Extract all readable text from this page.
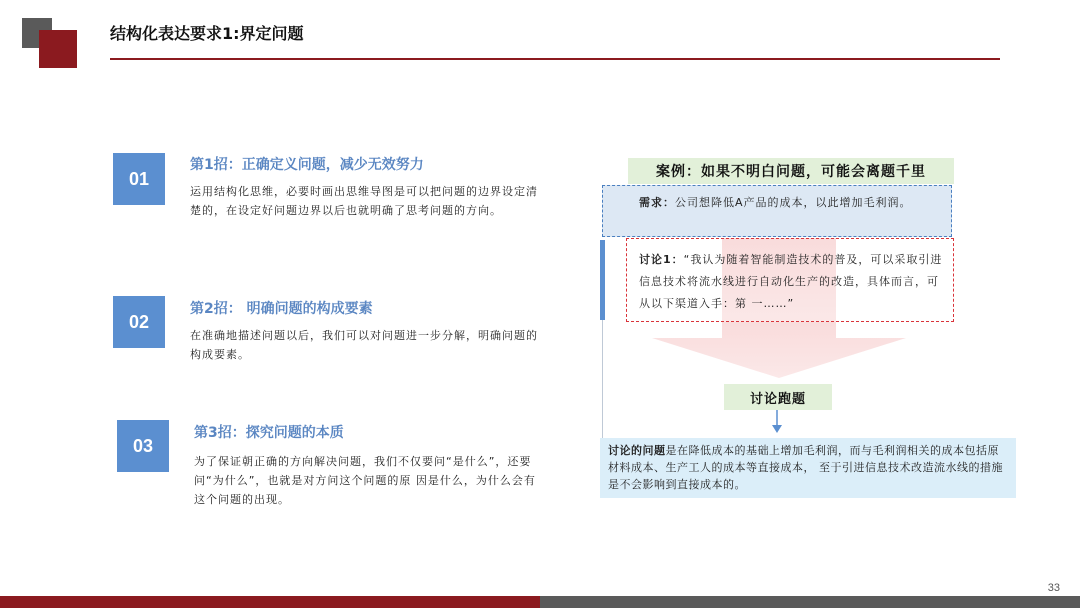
结构化表达要求1:界定问题
01
第1招：正确定义问题，减少无效努力
运用结构化思维，必要时画出思维导图是可以把问题的边界设定清楚的，在设定好问题边界以后也就明确了思考问题的方向。
02
第2招： 明确问题的构成要素
在准确地描述问题以后，我们可以对问题进一步分解，明确问题的构成要素。
03
第3招：探究问题的本质
为了保证朝正确的方向解决问题，我们不仅要问“是什么”，还要问“为什么”，也就是对方问这个问题的原 因是什么，为什么会有这个问题的出现。
案例：如果不明白问题，可能会离题千里
需求：公司想降低A产品的成本，以此增加毛利润。
讨论1：“我认为随着智能制造技术的普及，可以采取引进信息技术将流水线进行自动化生产的改造，具体而言，可从以下渠道入手：第 一……”
讨论跑题
讨论的问题是在降低成本的基础上增加毛利润，而与毛利润相关的成本包括原材料成本、生产工人的成本等直接成本， 至于引进信息技术改造流水线的措施是不会影响到直接成本的。
33
